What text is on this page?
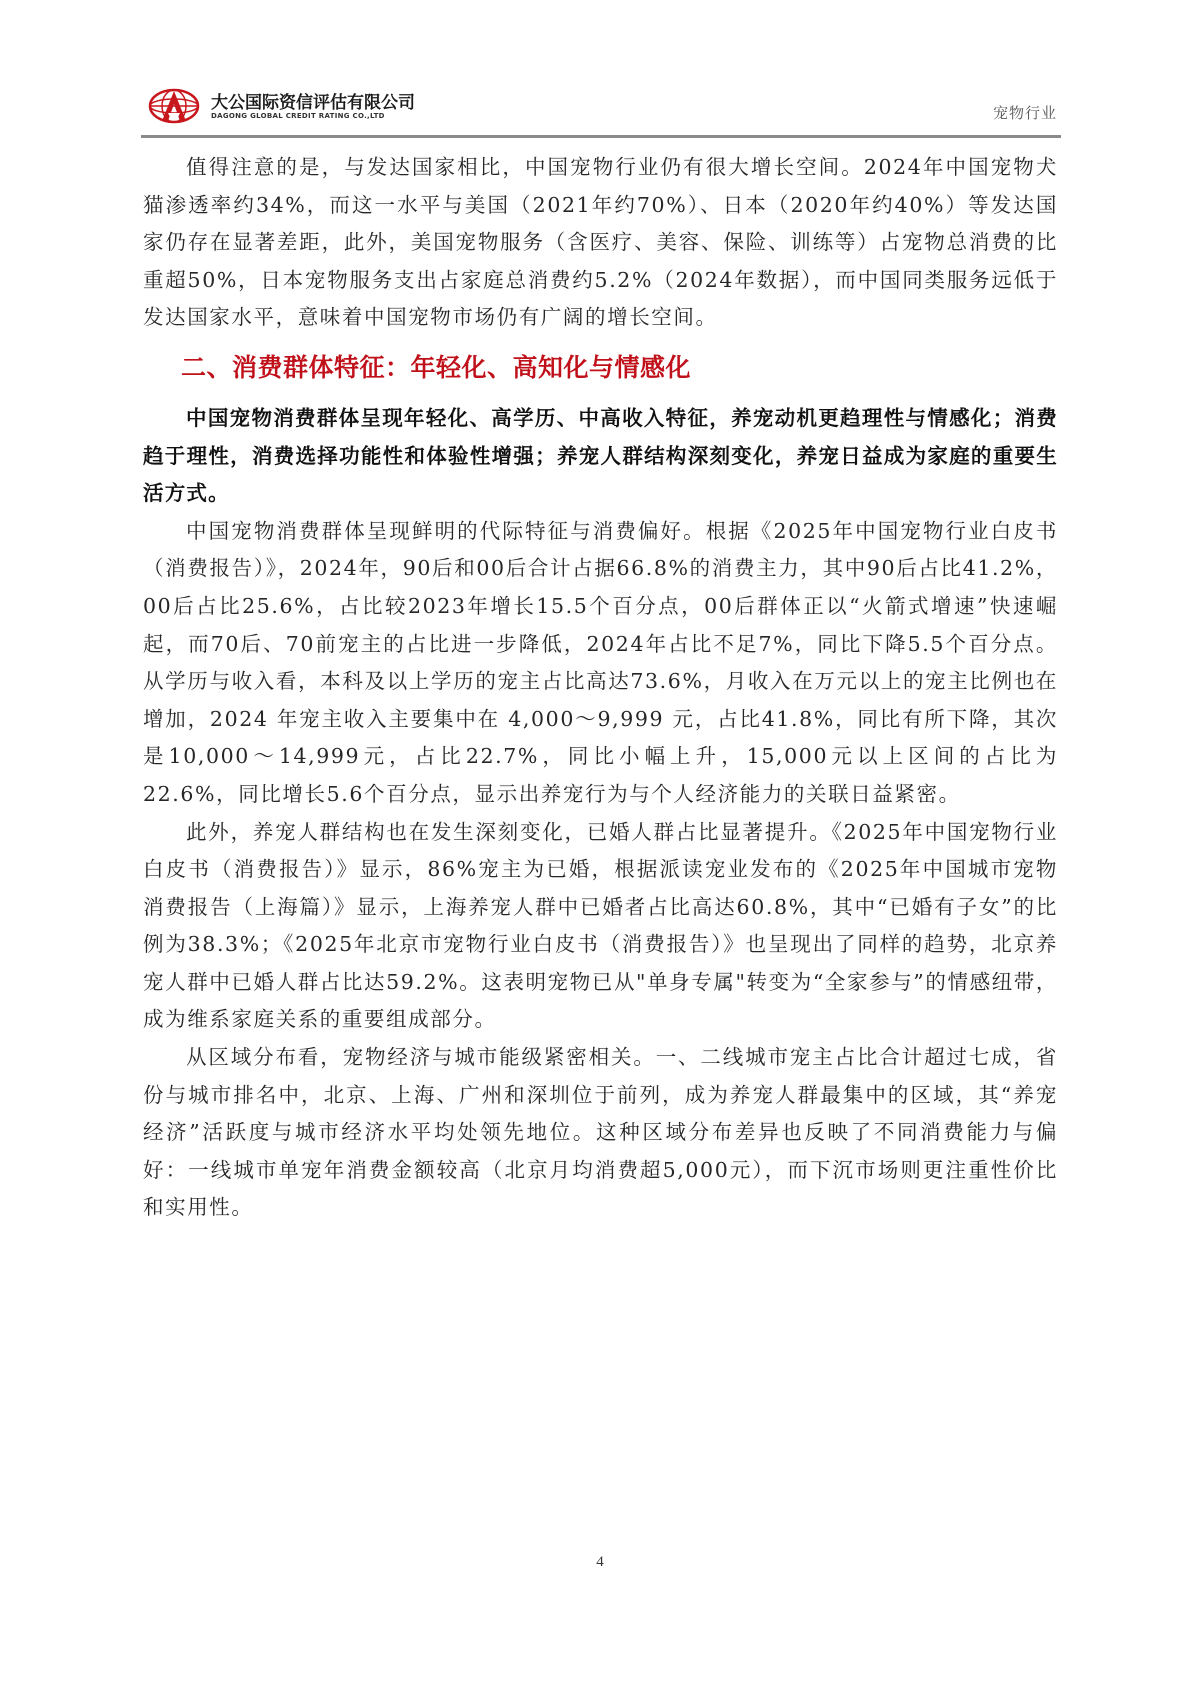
大公国际资信评估有限公司
DAGONG GLOBAL CREDIT RATING CO.,LTD	宠物行业

值得注意的是，与发达国家相比，中国宠物行业仍有很大增长空间。2024年中国宠物犬猫渗透率约34%，而这一水平与美国（2021年约70%）、日本（2020年约40%）等发达国家仍存在显著差距，此外，美国宠物服务（含医疗、美容、保险、训练等）占宠物总消费的比重超50%，日本宠物服务支出占家庭总消费约5.2%（2024年数据），而中国同类服务远低于发达国家水平，意味着中国宠物市场仍有广阔的增长空间。

二、消费群体特征：年轻化、高知化与情感化

中国宠物消费群体呈现年轻化、高学历、中高收入特征，养宠动机更趋理性与情感化；消费趋于理性，消费选择功能性和体验性增强；养宠人群结构深刻变化，养宠日益成为家庭的重要生活方式。

中国宠物消费群体呈现鲜明的代际特征与消费偏好。根据《2025年中国宠物行业白皮书（消费报告）》，2024年，90后和00后合计占据66.8%的消费主力，其中90后占比41.2%，00后占比25.6%，占比较2023年增长15.5个百分点，00后群体正以“火箭式增速”快速崛起，而70后、70前宠主的占比进一步降低，2024年占比不足7%，同比下降5.5个百分点。从学历与收入看，本科及以上学历的宠主占比高达73.6%，月收入在万元以上的宠主比例也在增加，2024 年宠主收入主要集中在 4,000～9,999 元，占比41.8%，同比有所下降，其次是10,000～14,999元，占比22.7%，同比小幅上升，15,000元以上区间的占比为22.6%，同比增长5.6个百分点，显示出养宠行为与个人经济能力的关联日益紧密。

此外，养宠人群结构也在发生深刻变化，已婚人群占比显著提升。《2025年中国宠物行业白皮书（消费报告）》显示，86%宠主为已婚，根据派读宠业发布的《2025年中国城市宠物消费报告（上海篇）》显示，上海养宠人群中已婚者占比高达60.8%，其中“已婚有子女”的比例为38.3%；《2025年北京市宠物行业白皮书（消费报告）》也呈现出了同样的趋势，北京养宠人群中已婚人群占比达59.2%。这表明宠物已从"单身专属"转变为“全家参与”的情感纽带，成为维系家庭关系的重要组成部分。

从区域分布看，宠物经济与城市能级紧密相关。一、二线城市宠主占比合计超过七成，省份与城市排名中，北京、上海、广州和深圳位于前列，成为养宠人群最集中的区域，其“养宠经济”活跃度与城市经济水平均处领先地位。这种区域分布差异也反映了不同消费能力与偏好：一线城市单宠年消费金额较高（北京月均消费超5,000元），而下沉市场则更注重性价比和实用性。

4
